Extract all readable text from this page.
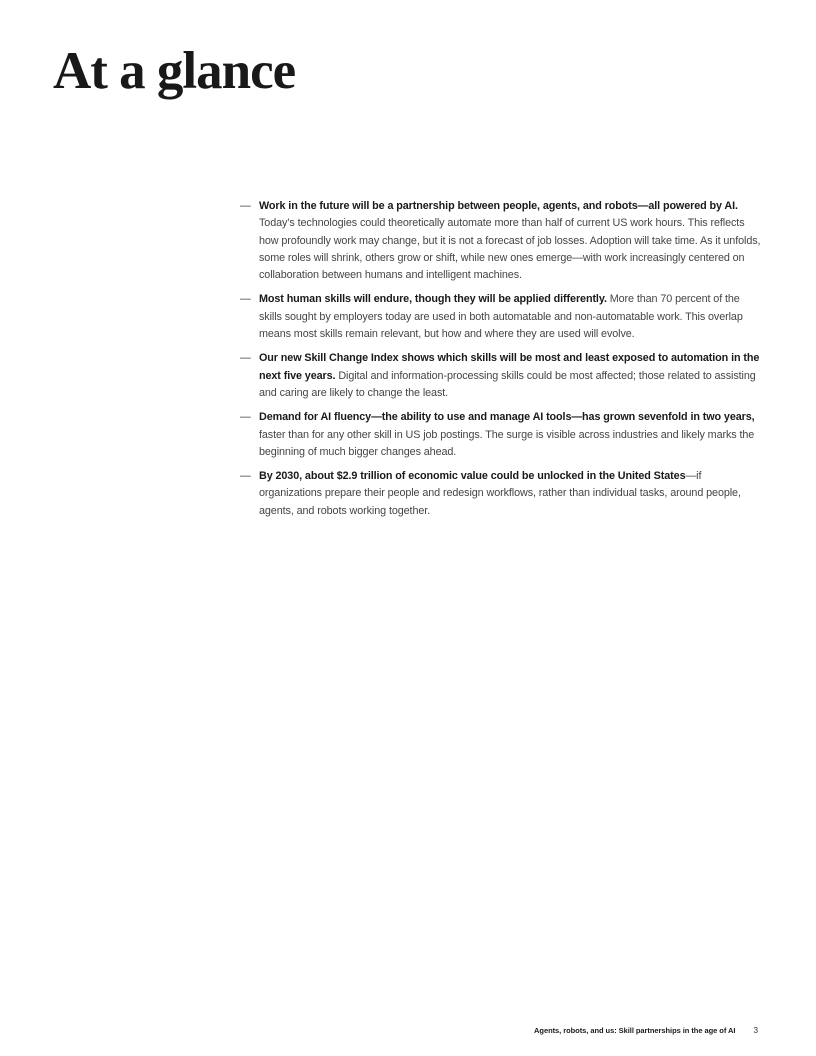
At a glance
— Work in the future will be a partnership between people, agents, and robots—all powered by AI. Today’s technologies could theoretically automate more than half of current US work hours. This reflects how profoundly work may change, but it is not a forecast of job losses. Adoption will take time. As it unfolds, some roles will shrink, others grow or shift, while new ones emerge—with work increasingly centered on collaboration between humans and intelligent machines.

— Most human skills will endure, though they will be applied differently. More than 70 percent of the skills sought by employers today are used in both automatable and non-automatable work. This overlap means most skills remain relevant, but how and where they are used will evolve.

— Our new Skill Change Index shows which skills will be most and least exposed to automation in the next five years. Digital and information-processing skills could be most affected; those related to assisting and caring are likely to change the least.

— Demand for AI fluency—the ability to use and manage AI tools—has grown sevenfold in two years, faster than for any other skill in US job postings. The surge is visible across industries and likely marks the beginning of much bigger changes ahead.

— By 2030, about $2.9 trillion of economic value could be unlocked in the United States—if organizations prepare their people and redesign workflows, rather than individual tasks, around people, agents, and robots working together.

Agents, robots, and us: Skill partnerships in the age of AI 3
